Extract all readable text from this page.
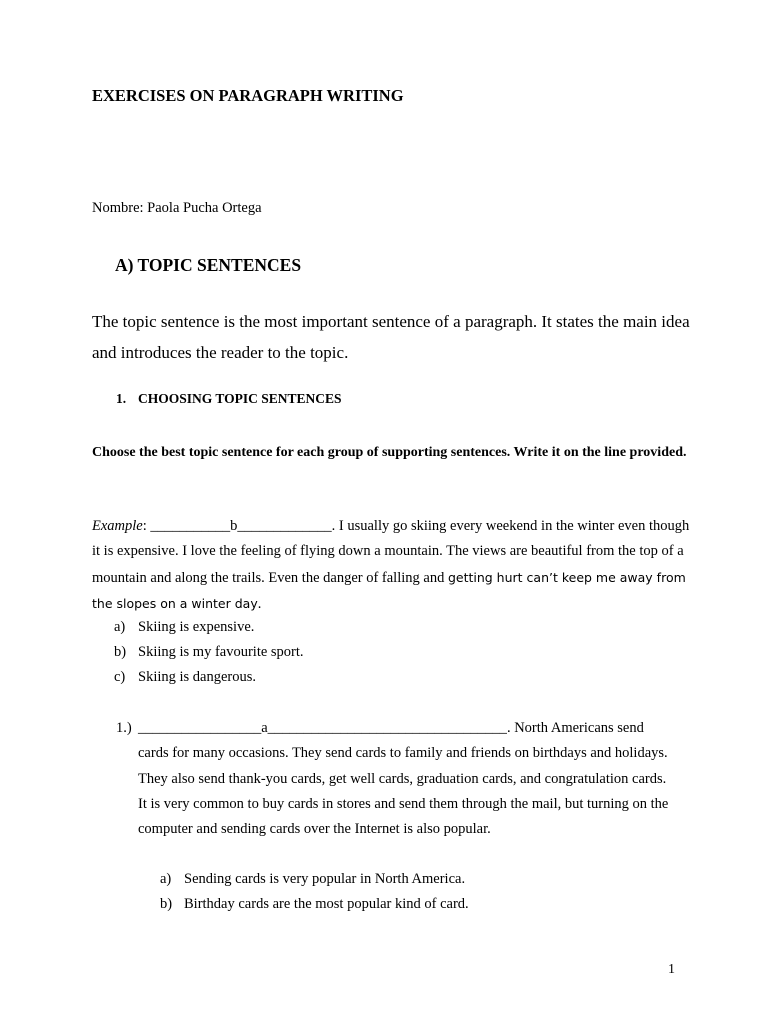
EXERCISES ON PARAGRAPH WRITING
Nombre: Paola Pucha Ortega
A) TOPIC SENTENCES
The topic sentence is the most important sentence of a paragraph. It states the main idea and introduces the reader to the topic.
1. CHOOSING TOPIC SENTENCES
Choose the best topic sentence for each group of supporting sentences. Write it on the line provided.
Example: ___________b_____________. I usually go skiing every weekend in the winter even though it is expensive. I love the feeling of flying down a mountain. The views are beautiful from the top of a mountain and along the trails. Even the danger of falling and getting hurt can’t keep me away from the slopes on a winter day.
a) Skiing is expensive.
b) Skiing is my favourite sport.
c) Skiing is dangerous.
1.) _________________a_________________________________. North Americans send cards for many occasions. They send cards to family and friends on birthdays and holidays. They also send thank-you cards, get well cards, graduation cards, and congratulation cards. It is very common to buy cards in stores and send them through the mail, but turning on the computer and sending cards over the Internet is also popular.
a) Sending cards is very popular in North America.
b) Birthday cards are the most popular kind of card.
1
